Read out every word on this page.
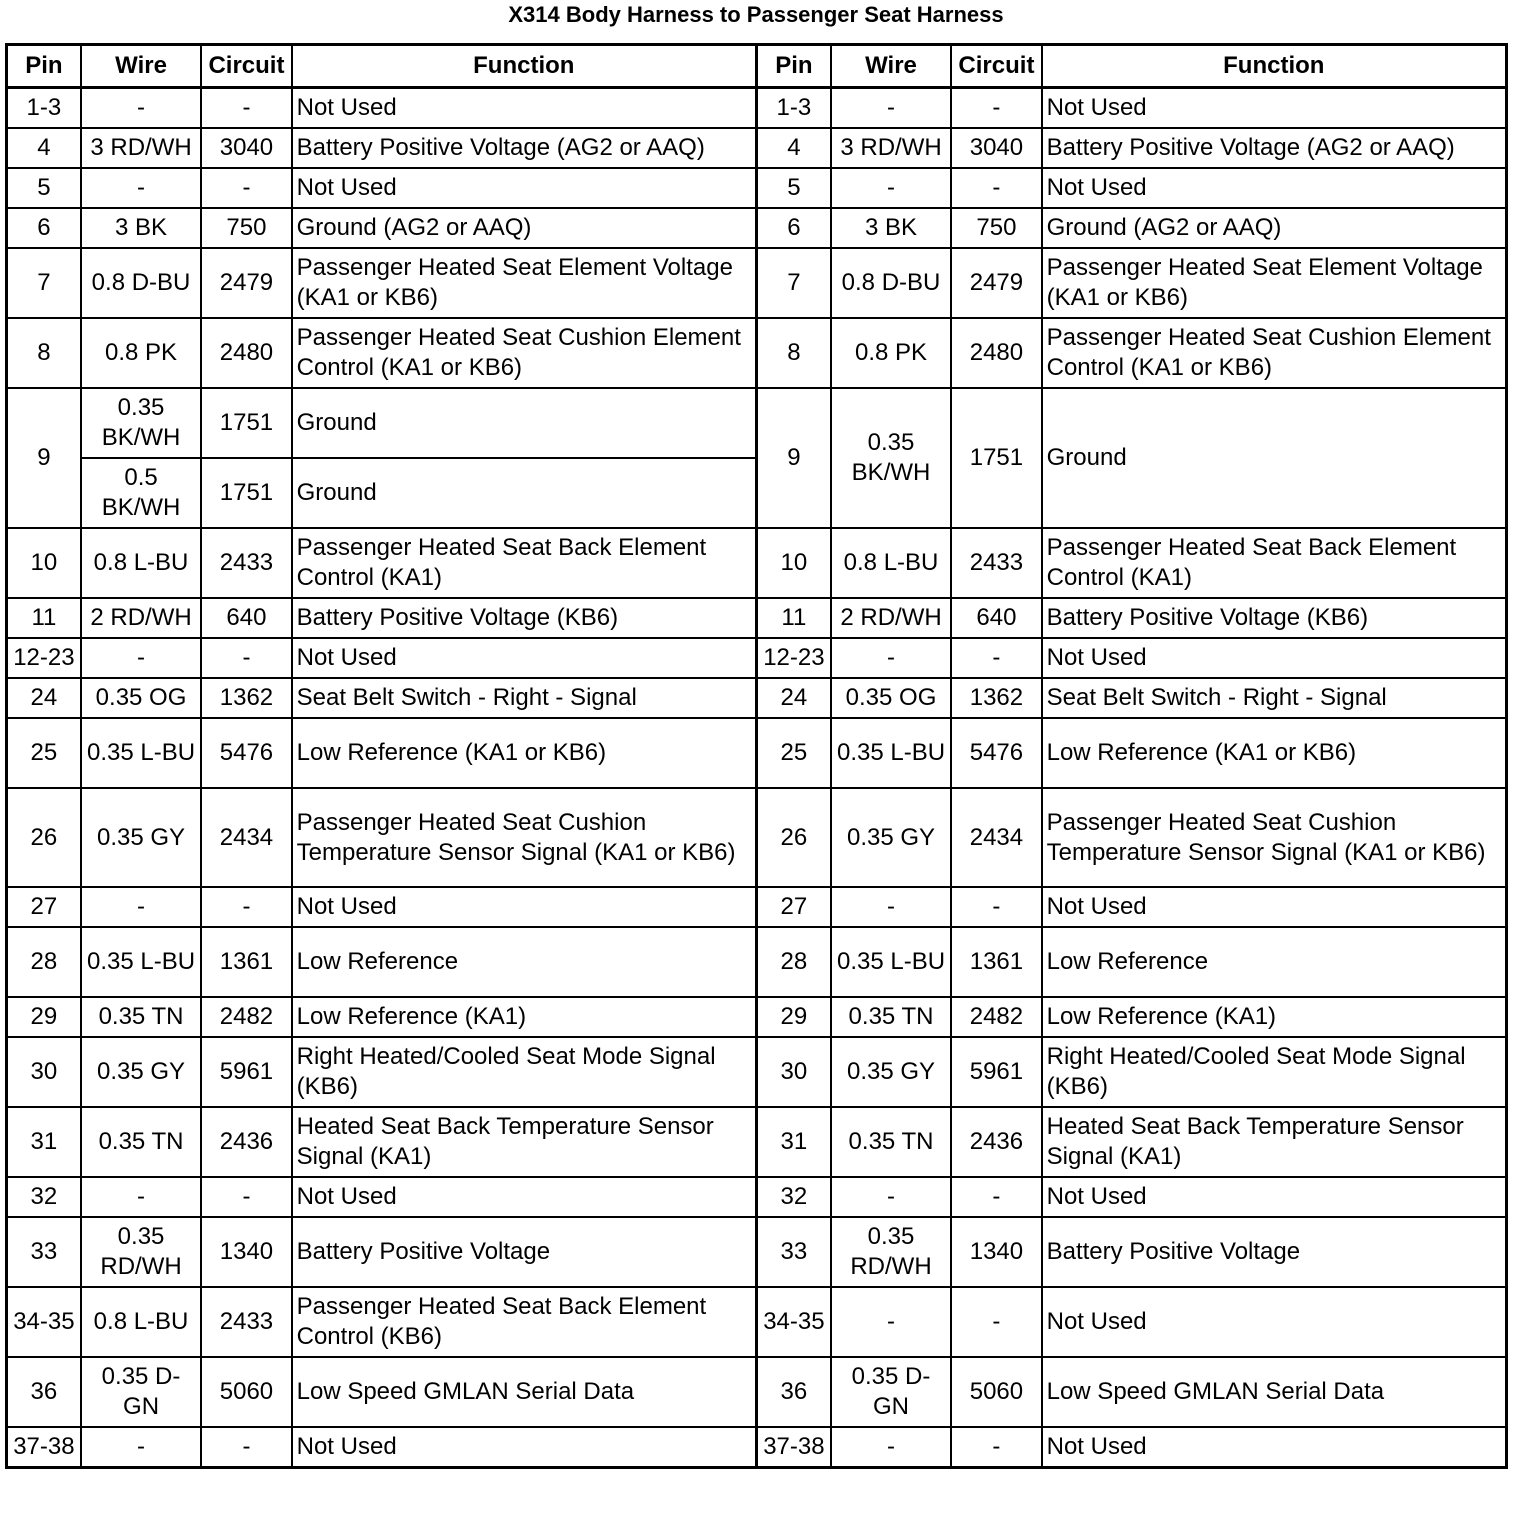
X314 Body Harness to Passenger Seat Harness
Pin	Wire	Circuit	Function	Pin	Wire	Circuit	Function
1-3	-	-	Not Used	1-3	-	-	Not Used
4	3 RD/WH	3040	Battery Positive Voltage (AG2 or AAQ)	4	3 RD/WH	3040	Battery Positive Voltage (AG2 or AAQ)
5	-	-	Not Used	5	-	-	Not Used
6	3 BK	750	Ground (AG2 or AAQ)	6	3 BK	750	Ground (AG2 or AAQ)
7	0.8 D-BU	2479	Passenger Heated Seat Element Voltage (KA1 or KB6)	7	0.8 D-BU	2479	Passenger Heated Seat Element Voltage (KA1 or KB6)
8	0.8 PK	2480	Passenger Heated Seat Cushion Element Control (KA1 or KB6)	8	0.8 PK	2480	Passenger Heated Seat Cushion Element Control (KA1 or KB6)
9	0.35 BK/WH	1751	Ground	9	0.35 BK/WH	1751	Ground
	0.5 BK/WH	1751	Ground				
10	0.8 L-BU	2433	Passenger Heated Seat Back Element Control (KA1)	10	0.8 L-BU	2433	Passenger Heated Seat Back Element Control (KA1)
11	2 RD/WH	640	Battery Positive Voltage (KB6)	11	2 RD/WH	640	Battery Positive Voltage (KB6)
12-23	-	-	Not Used	12-23	-	-	Not Used
24	0.35 OG	1362	Seat Belt Switch - Right - Signal	24	0.35 OG	1362	Seat Belt Switch - Right - Signal
25	0.35 L-BU	5476	Low Reference (KA1 or KB6)	25	0.35 L-BU	5476	Low Reference (KA1 or KB6)
26	0.35 GY	2434	Passenger Heated Seat Cushion Temperature Sensor Signal (KA1 or KB6)	26	0.35 GY	2434	Passenger Heated Seat Cushion Temperature Sensor Signal (KA1 or KB6)
27	-	-	Not Used	27	-	-	Not Used
28	0.35 L-BU	1361	Low Reference	28	0.35 L-BU	1361	Low Reference
29	0.35 TN	2482	Low Reference (KA1)	29	0.35 TN	2482	Low Reference (KA1)
30	0.35 GY	5961	Right Heated/Cooled Seat Mode Signal (KB6)	30	0.35 GY	5961	Right Heated/Cooled Seat Mode Signal (KB6)
31	0.35 TN	2436	Heated Seat Back Temperature Sensor Signal (KA1)	31	0.35 TN	2436	Heated Seat Back Temperature Sensor Signal (KA1)
32	-	-	Not Used	32	-	-	Not Used
33	0.35 RD/WH	1340	Battery Positive Voltage	33	0.35 RD/WH	1340	Battery Positive Voltage
34-35	0.8 L-BU	2433	Passenger Heated Seat Back Element Control (KB6)	34-35	-	-	Not Used
36	0.35 D-GN	5060	Low Speed GMLAN Serial Data	36	0.35 D-GN	5060	Low Speed GMLAN Serial Data
37-38	-	-	Not Used	37-38	-	-	Not Used
